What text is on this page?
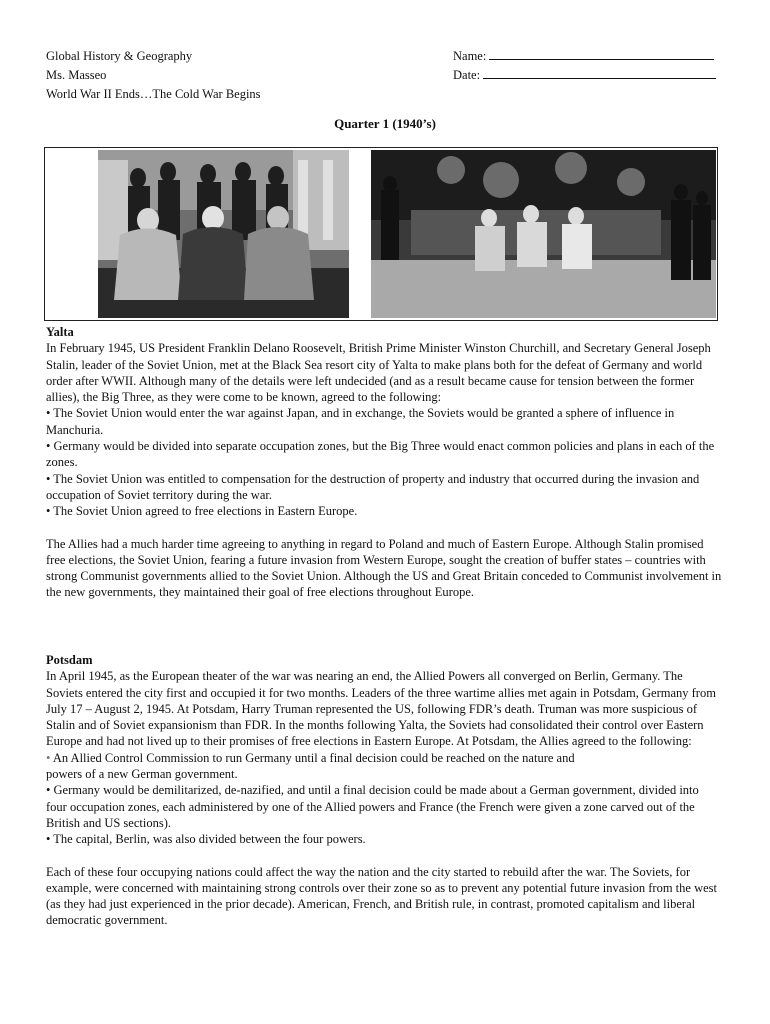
Global History & Geography
Ms. Masseo
World War II Ends…The Cold War Begins
Name:
Date:
Quarter 1 (1940’s)
Yalta
In February 1945, US President Franklin Delano Roosevelt, British Prime Minister Winston Churchill, and Secretary General Joseph Stalin, leader of the Soviet Union, met at the Black Sea resort city of Yalta to make plans both for the defeat of Germany and world order after WWII. Although many of the details were left undecided (and as a result became cause for tension between the former allies), the Big Three, as they were come to be known, agreed to the following:
• The Soviet Union would enter the war against Japan, and in exchange, the Soviets would be granted a sphere of influence in Manchuria.
• Germany would be divided into separate occupation zones, but the Big Three would enact common policies and plans in each of the zones.
• The Soviet Union was entitled to compensation for the destruction of property and industry that occurred during the invasion and occupation of Soviet territory during the war.
• The Soviet Union agreed to free elections in Eastern Europe.
The Allies had a much harder time agreeing to anything in regard to Poland and much of Eastern Europe. Although Stalin promised free elections, the Soviet Union, fearing a future invasion from Western Europe, sought the creation of buffer states – countries with strong Communist governments allied to the Soviet Union. Although the US and Great Britain conceded to Communist involvement in the new governments, they maintained their goal of free elections throughout Europe.
Potsdam
In April 1945, as the European theater of the war was nearing an end, the Allied Powers all converged on Berlin, Germany. The Soviets entered the city first and occupied it for two months. Leaders of the three wartime allies met again in Potsdam, Germany from July 17 – August 2, 1945. At Potsdam, Harry Truman represented the US, following FDR’s death. Truman was more suspicious of Stalin and of Soviet expansionism than FDR. In the months following Yalta, the Soviets had consolidated their control over Eastern Europe and had not lived up to their promises of free elections in Eastern Europe. At Potsdam, the Allies agreed to the following:
• An Allied Control Commission to run Germany until a final decision could be reached on the nature and
powers of a new German government.
• Germany would be demilitarized, de-nazified, and until a final decision could be made about a German government, divided into four occupation zones, each administered by one of the Allied powers and France (the French were given a zone carved out of the British and US sections).
• The capital, Berlin, was also divided between the four powers.
Each of these four occupying nations could affect the way the nation and the city started to rebuild after the war. The Soviets, for example, were concerned with maintaining strong controls over their zone so as to prevent any potential future invasion from the west (as they had just experienced in the prior decade). American, French, and British rule, in contrast, promoted capitalism and liberal democratic government.
